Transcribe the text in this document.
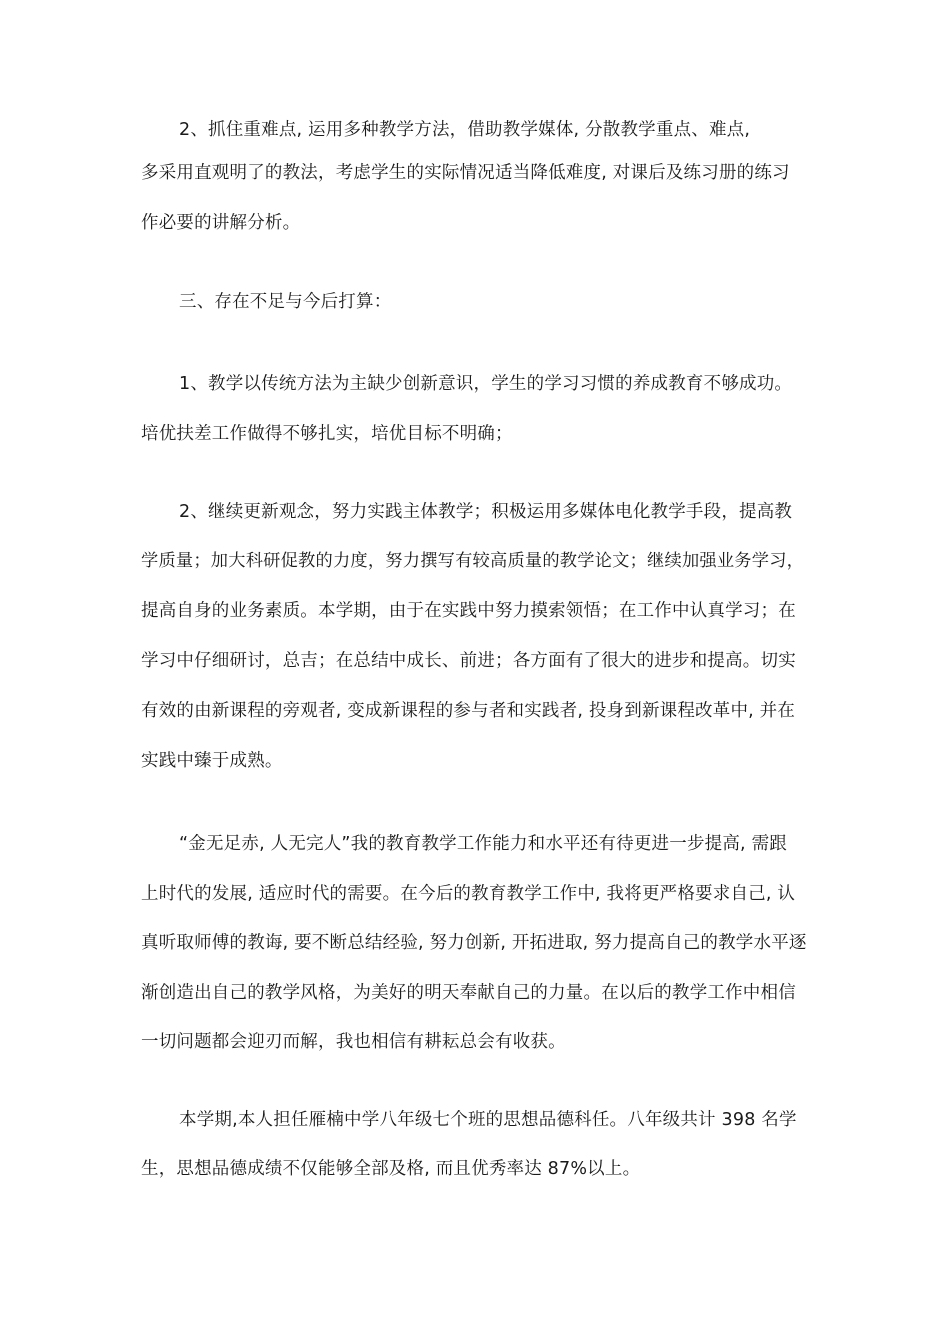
2、抓住重难点, 运用多种教学方法，借助教学媒体, 分散教学重点、难点,
多采用直观明了的教法，考虑学生的实际情况适当降低难度, 对课后及练习册的练习
作必要的讲解分析。
三、存在不足与今后打算：
1、教学以传统方法为主缺少创新意识，学生的学习习惯的养成教育不够成功。
培优扶差工作做得不够扎实，培优目标不明确；
2、继续更新观念，努力实践主体教学；积极运用多媒体电化教学手段，提高教
学质量；加大科研促教的力度，努力撰写有较高质量的教学论文；继续加强业务学习，
提高自身的业务素质。本学期，由于在实践中努力摸索领悟；在工作中认真学习；在
学习中仔细研讨，总吉；在总结中成长、前进；各方面有了很大的进步和提高。切实
有效的由新课程的旁观者, 变成新课程的参与者和实践者, 投身到新课程改革中, 并在
实践中臻于成熟。
“金无足赤, 人无完人”我的教育教学工作能力和水平还有待更进一步提高, 需跟
上时代的发展, 适应时代的需要。在今后的教育教学工作中, 我将更严格要求自己, 认
真听取师傅的教诲, 要不断总结经验, 努力创新, 开拓进取, 努力提高自己的教学水平逐
渐创造出自己的教学风格，为美好的明天奉献自己的力量。在以后的教学工作中相信
一切问题都会迎刃而解，我也相信有耕耘总会有收获。
本学期,本人担任雁楠中学八年级七个班的思想品德科任。八年级共计 398 名学
生，思想品德成绩不仅能够全部及格, 而且优秀率达 87%以上。
